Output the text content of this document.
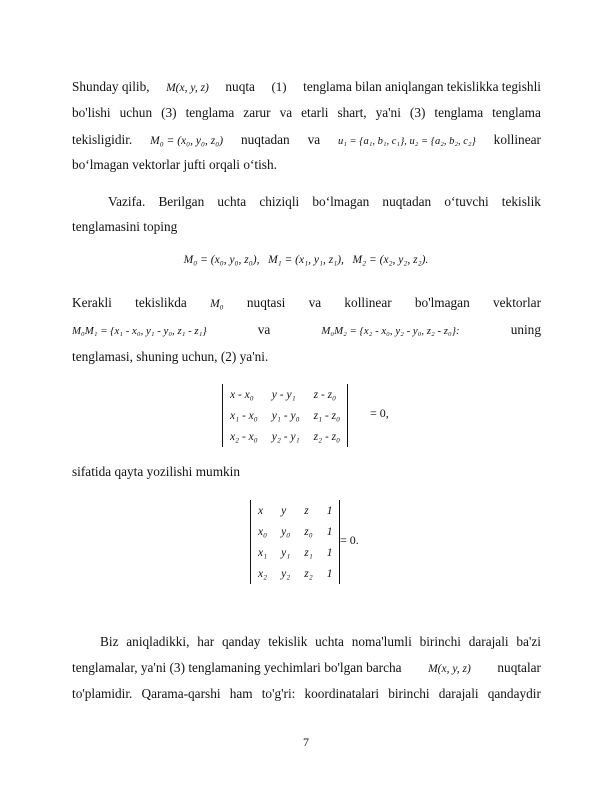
Shunday qilib, M(x, y, z) nuqta (1) tenglama bilan aniqlangan tekislikka tegishli
bo'lishi uchun (3) tenglama zarur va etarli shart, ya'ni (3) tenglama tenglama
tekisligidir. M₀ = (x₀, y₀, z₀) nuqtadan va u₁ = {a₁, b₁, c₁}, u₂ = {a₂, b₂, c₂} kollinear
bo‘lmagan vektorlar jufti orqali o‘tish.
Vazifa. Berilgan uchta chiziqli bo‘lmagan nuqtadan o‘tuvchi tekislik
tenglamasini toping
M₀ = (x₀, y₀, z₀),   M₁ = (x₁, y₁, z₁),   M₂ = (x₂, y₂, z₂).
Kerakli tekislikda M₀ nuqtasi va kollinear bo'lmagan vektorlar
M₀M₁ = {x₁ - x₀, y₁ - y₀, z₁ - z₁}	va	M₀M₂ = {x₂ - x₀, y₂ - y₀, z₂ - z₀}:	uning
tenglamasi, shuning uchun, (2) ya'ni.
x - x₀	y - y₁	z - z₀
x₁ - x₀	y₁ - y₀	z₁ - z₀
x₂ - x₀	y₂ - y₁	z₂ - z₀
= 0,
sifatida qayta yozilishi mumkin
x	y	z	1
x₀	y₀	z₀	1
x₁	y₁	z₁	1
x₂	y₂	z₂	1
= 0.
Biz aniqladikki, har qanday tekislik uchta noma'lumli birinchi darajali ba'zi
tenglamalar, ya'ni (3) tenglamaning yechimlari bo'lgan barcha M(x, y, z) nuqtalar
to'plamidir. Qarama-qarshi ham to'g'ri: koordinatalari birinchi darajali qandaydir
7
